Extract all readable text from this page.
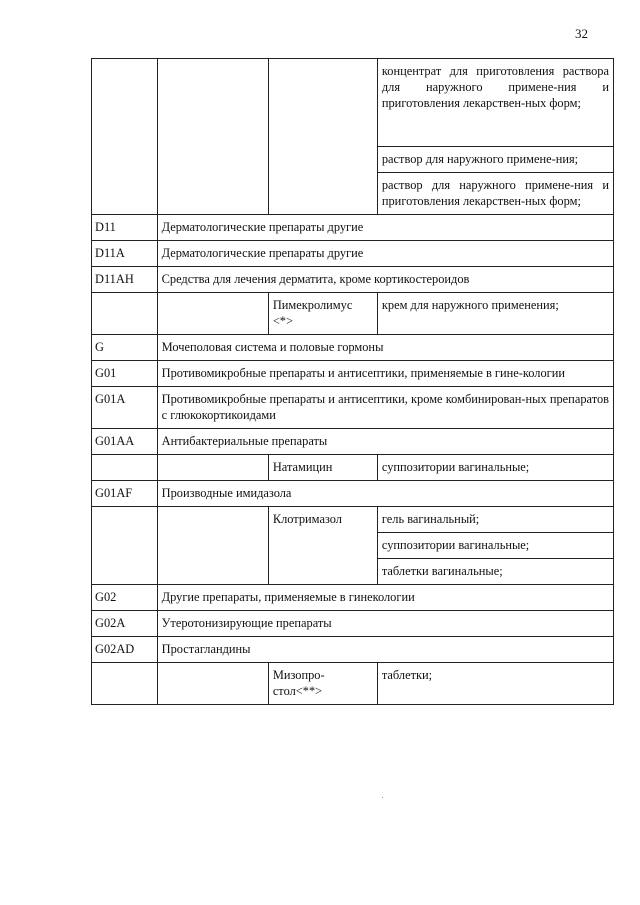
32
			концентрат для приготовления раствора для наружного примене-ния и приготовления лекарствен-ных форм;
			раствор для наружного примене-ния;
			раствор для наружного примене-ния и приготовления лекарствен-ных форм;
D11	Дерматологические препараты другие		
D11A	Дерматологические препараты другие		
D11AH	Средства для лечения дерматита, кроме кортикостероидов		
		Пимекролимус <*>	крем для наружного применения;
G	Мочеполовая система и половые гормоны		
G01	Противомикробные препараты и антисептики, применяемые в гине-кологии		
G01A	Противомикробные препараты и антисептики, кроме комбинирован-ных препаратов с глюкокортикоидами		
G01AA	Антибактериальные препараты		
		Натамицин	суппозитории вагинальные;
G01AF	Производные имидазола		
		Клотримазол	гель вагинальный;
			суппозитории вагинальные;
			таблетки вагинальные;
G02	Другие препараты, применяемые в гинекологии		
G02A	Утеротонизирующие препараты		
G02AD	Простагландины		
		Мизопро-стол<**>	таблетки;
